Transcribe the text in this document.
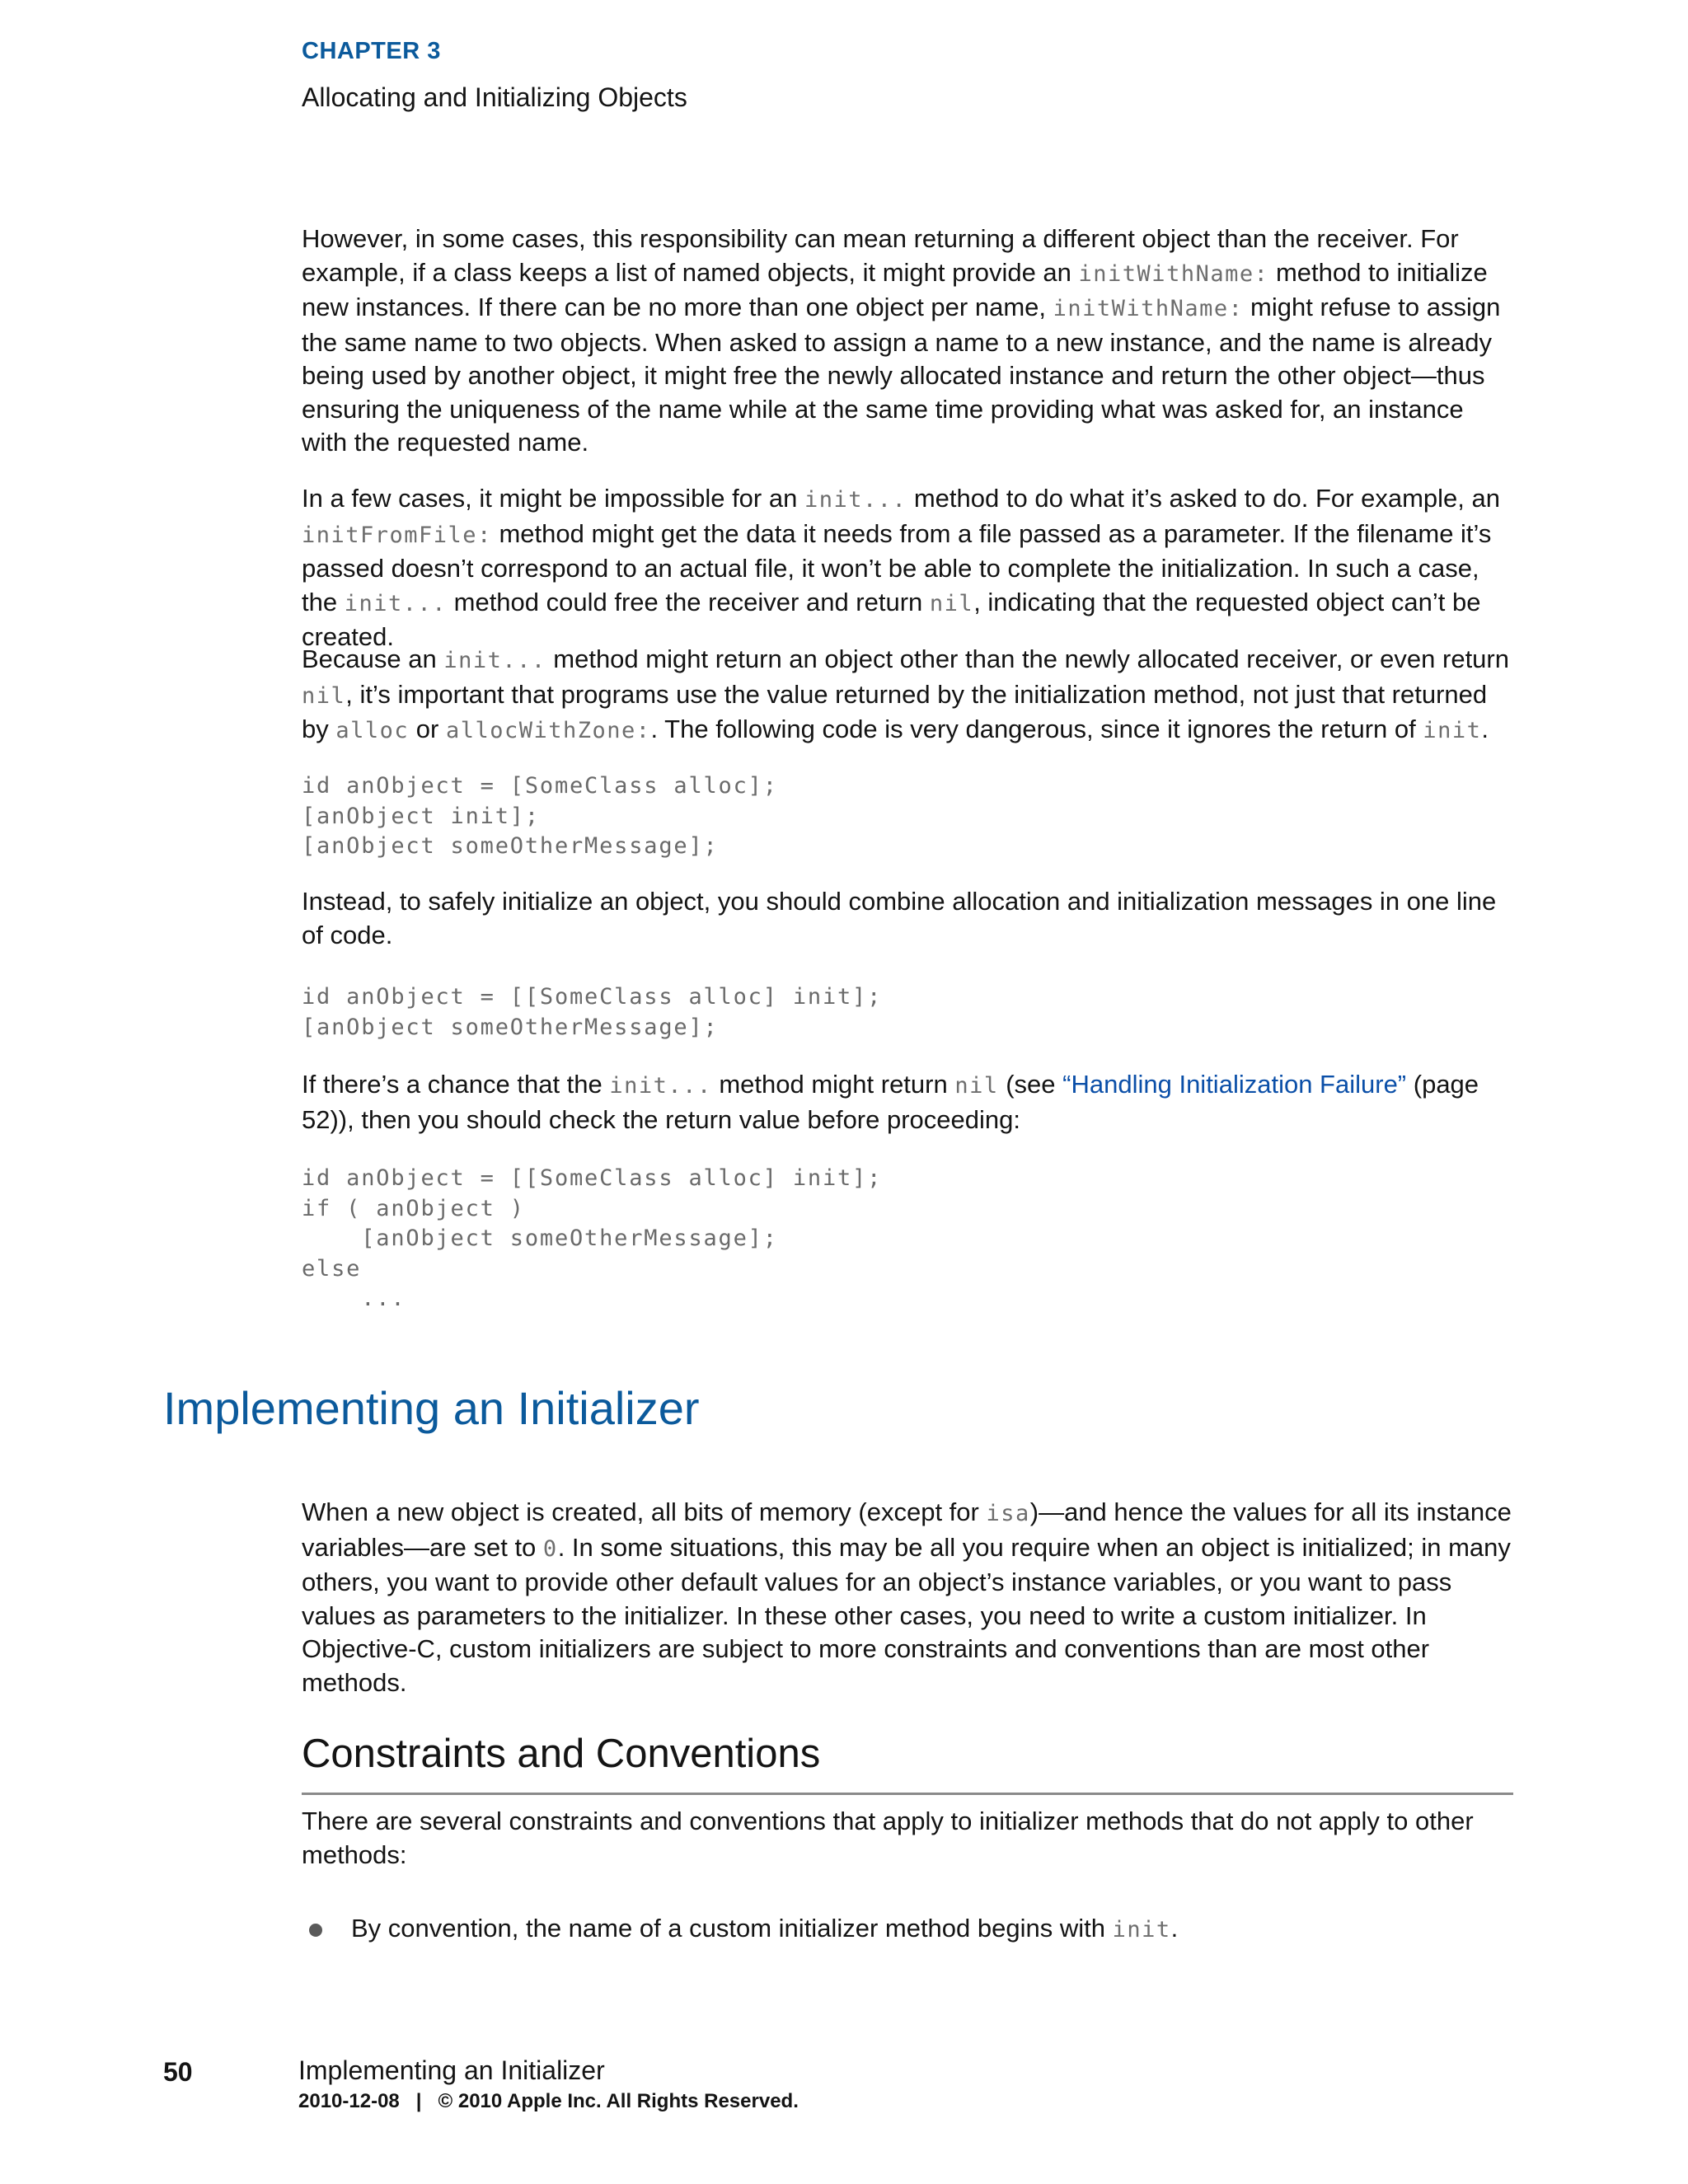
CHAPTER 3
Allocating and Initializing Objects

However, in some cases, this responsibility can mean returning a different object than the receiver. For example, if a class keeps a list of named objects, it might provide an initWithName: method to initialize new instances. If there can be no more than one object per name, initWithName: might refuse to assign the same name to two objects. When asked to assign a name to a new instance, and the name is already being used by another object, it might free the newly allocated instance and return the other object—thus ensuring the uniqueness of the name while at the same time providing what was asked for, an instance with the requested name.

In a few cases, it might be impossible for an init... method to do what it’s asked to do. For example, an initFromFile: method might get the data it needs from a file passed as a parameter. If the filename it’s passed doesn’t correspond to an actual file, it won’t be able to complete the initialization. In such a case, the init... method could free the receiver and return nil, indicating that the requested object can’t be created.

Because an init... method might return an object other than the newly allocated receiver, or even return nil, it’s important that programs use the value returned by the initialization method, not just that returned by alloc or allocWithZone:. The following code is very dangerous, since it ignores the return of init.

id anObject = [SomeClass alloc];
[anObject init];
[anObject someOtherMessage];

Instead, to safely initialize an object, you should combine allocation and initialization messages in one line of code.

id anObject = [[SomeClass alloc] init];
[anObject someOtherMessage];

If there’s a chance that the init... method might return nil (see “Handling Initialization Failure” (page 52)), then you should check the return value before proceeding:

id anObject = [[SomeClass alloc] init];
if ( anObject )
[anObject someOtherMessage];
else
...
Implementing an Initializer

When a new object is created, all bits of memory (except for isa)—and hence the values for all its instance variables—are set to 0. In some situations, this may be all you require when an object is initialized; in many others, you want to provide other default values for an object’s instance variables, or you want to pass values as parameters to the initializer. In these other cases, you need to write a custom initializer. In Objective-C, custom initializers are subject to more constraints and conventions than are most other methods.

Constraints and Conventions

There are several constraints and conventions that apply to initializer methods that do not apply to other methods:

By convention, the name of a custom initializer method begins with init.

50	Implementing an Initializer
2010-12-08   |   © 2010 Apple Inc. All Rights Reserved.
